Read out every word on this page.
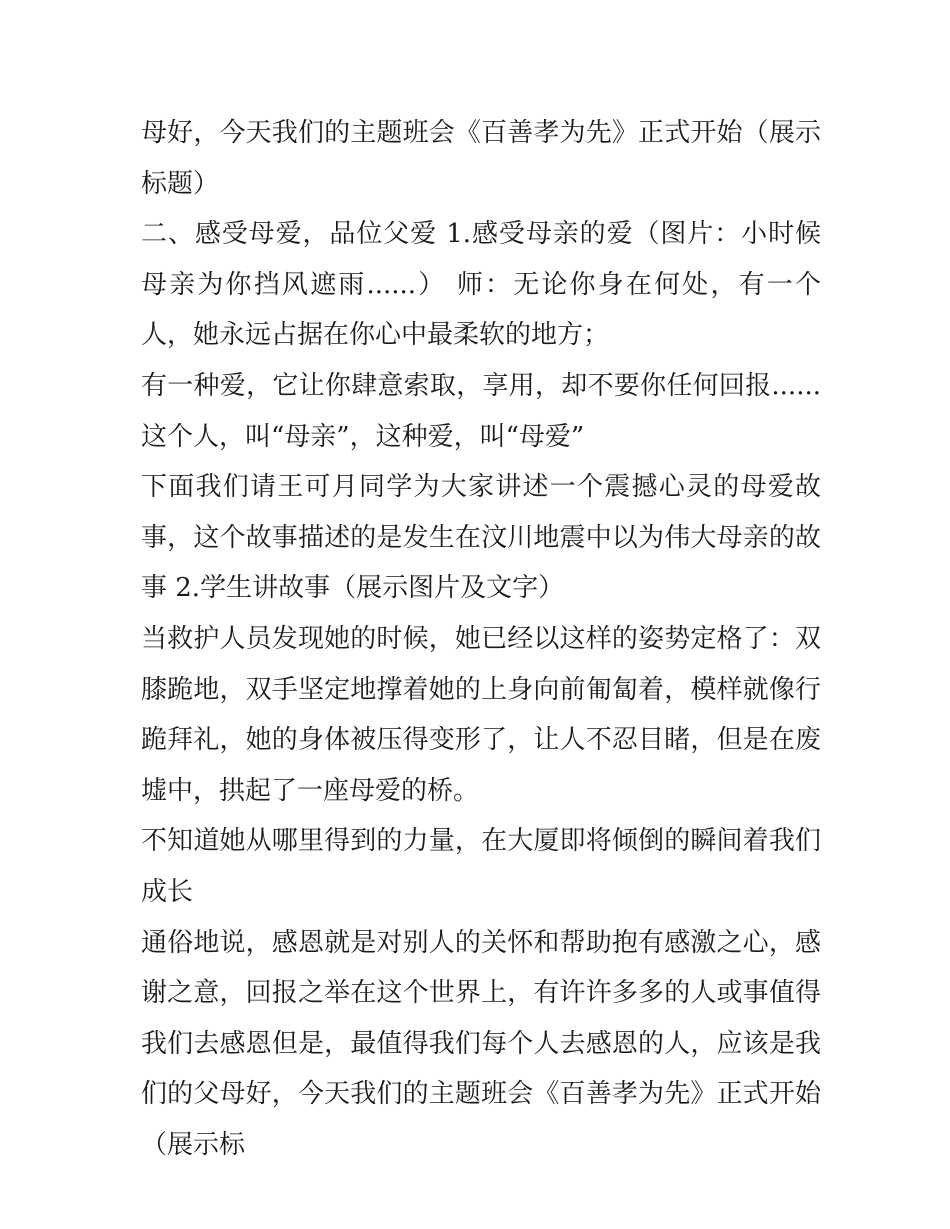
母好，今天我们的主题班会《百善孝为先》正式开始（展示标题）

二、感受母爱，品位父爱 1.感受母亲的爱（图片：小时候母亲为你挡风遮雨......） 师：无论你身在何处，有一个人，她永远占据在你心中最柔软的地方；

有一种爱，它让你肆意索取，享用，却不要你任何回报...... 这个人，叫“母亲”，这种爱，叫“母爱”

下面我们请王可月同学为大家讲述一个震撼心灵的母爱故事，这个故事描述的是发生在汶川地震中以为伟大母亲的故事 2.学生讲故事（展示图片及文字）

当救护人员发现她的时候，她已经以这样的姿势定格了：双膝跪地，双手坚定地撑着她的上身向前匍匐着，模样就像行跪拜礼，她的身体被压得变形了，让人不忍目睹，但是在废墟中，拱起了一座母爱的桥。

不知道她从哪里得到的力量，在大厦即将倾倒的瞬间着我们成长

通俗地说，感恩就是对别人的关怀和帮助抱有感激之心，感谢之意，回报之举在这个世界上，有许许多多的人或事值得我们去感恩但是，最值得我们每个人去感恩的人，应该是我们的父母好，今天我们的主题班会《百善孝为先》正式开始（展示标
